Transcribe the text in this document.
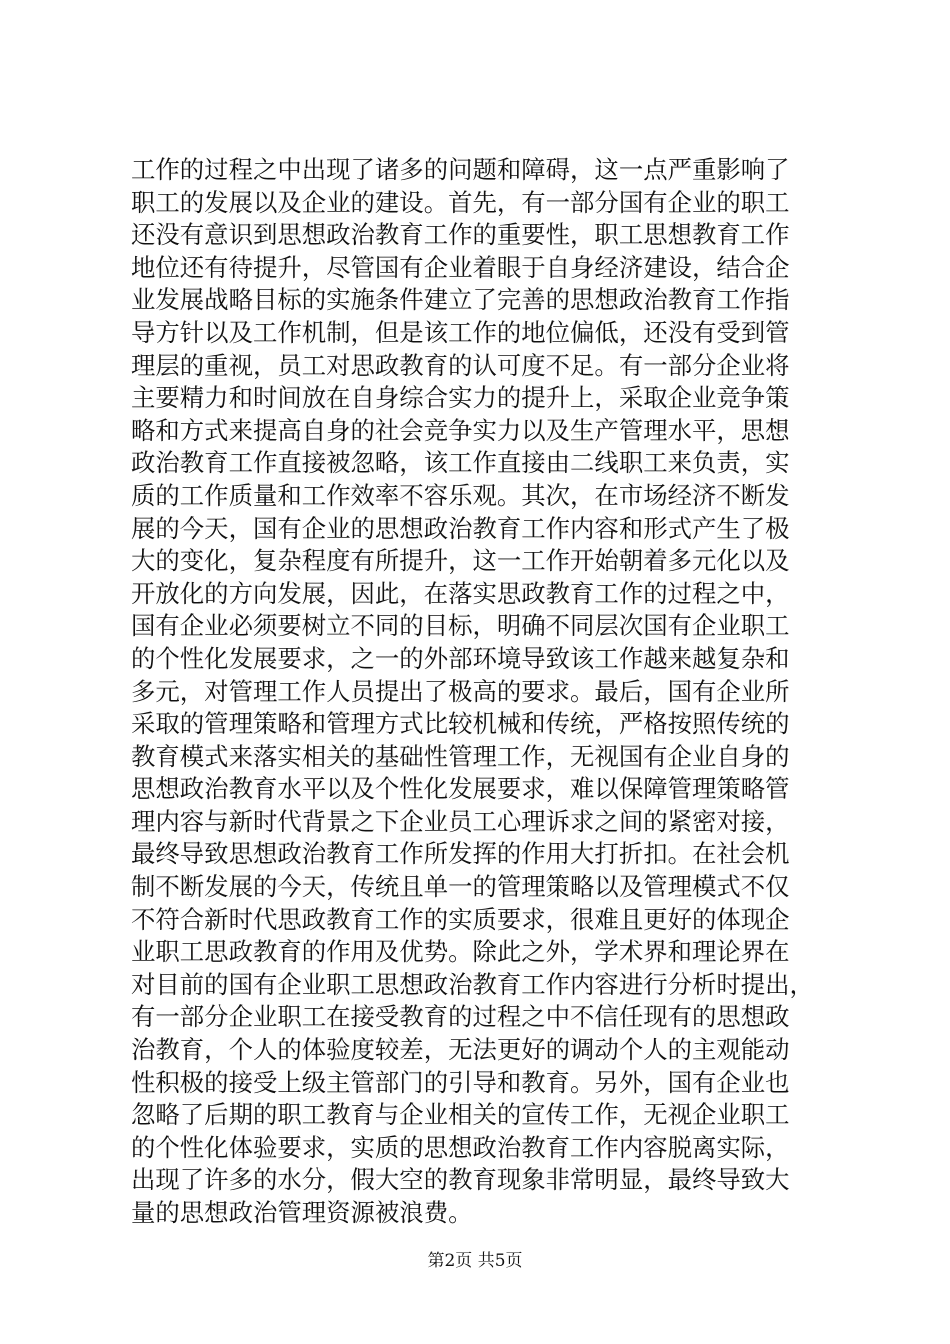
工作的过程之中出现了诸多的问题和障碍，这一点严重影响了
职工的发展以及企业的建设。首先，有一部分国有企业的职工
还没有意识到思想政治教育工作的重要性，职工思想教育工作
地位还有待提升，尽管国有企业着眼于自身经济建设，结合企
业发展战略目标的实施条件建立了完善的思想政治教育工作指
导方针以及工作机制，但是该工作的地位偏低，还没有受到管
理层的重视，员工对思政教育的认可度不足。有一部分企业将
主要精力和时间放在自身综合实力的提升上，采取企业竞争策
略和方式来提高自身的社会竞争实力以及生产管理水平，思想
政治教育工作直接被忽略，该工作直接由二线职工来负责，实
质的工作质量和工作效率不容乐观。其次，在市场经济不断发
展的今天，国有企业的思想政治教育工作内容和形式产生了极
大的变化，复杂程度有所提升，这一工作开始朝着多元化以及
开放化的方向发展，因此，在落实思政教育工作的过程之中，
国有企业必须要树立不同的目标，明确不同层次国有企业职工
的个性化发展要求，之一的外部环境导致该工作越来越复杂和
多元，对管理工作人员提出了极高的要求。最后，国有企业所
采取的管理策略和管理方式比较机械和传统，严格按照传统的
教育模式来落实相关的基础性管理工作，无视国有企业自身的
思想政治教育水平以及个性化发展要求，难以保障管理策略管
理内容与新时代背景之下企业员工心理诉求之间的紧密对接，
最终导致思想政治教育工作所发挥的作用大打折扣。在社会机
制不断发展的今天，传统且单一的管理策略以及管理模式不仅
不符合新时代思政教育工作的实质要求，很难且更好的体现企
业职工思政教育的作用及优势。除此之外，学术界和理论界在
对目前的国有企业职工思想政治教育工作内容进行分析时提出，
有一部分企业职工在接受教育的过程之中不信任现有的思想政
治教育，个人的体验度较差，无法更好的调动个人的主观能动
性积极的接受上级主管部门的引导和教育。另外，国有企业也
忽略了后期的职工教育与企业相关的宣传工作，无视企业职工
的个性化体验要求，实质的思想政治教育工作内容脱离实际，
出现了许多的水分，假大空的教育现象非常明显，最终导致大
量的思想政治管理资源被浪费。
第2页 共5页
